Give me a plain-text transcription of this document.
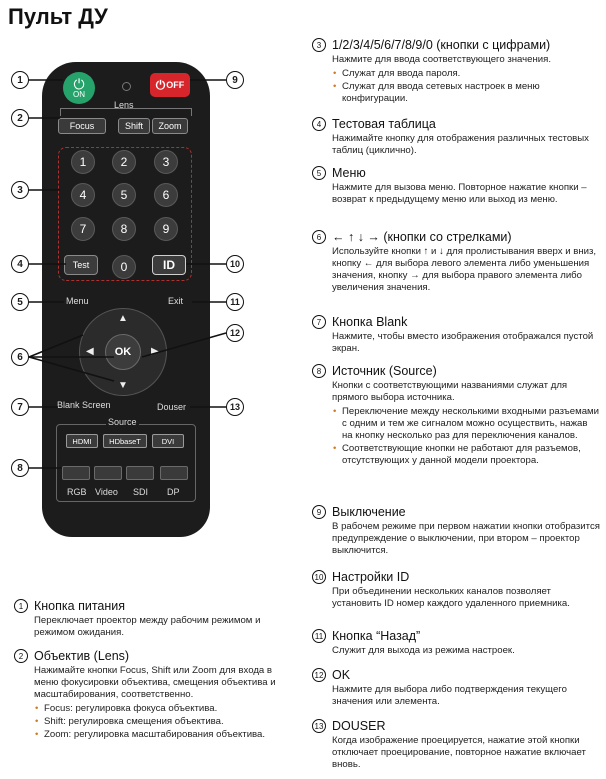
Пульт ДУ
⏻
ON
⏻ OFF
Lens
Focus	Shift	Zoom
1	2	3
4	5	6
7	8	9
Test	0	ID
Menu	Exit
OK
▲
▼
◀	▶
Blank Screen	Douser
Source
HDMI	HDbaseT	DVI
RGB Video SDI DP
1
2
3
4
5
6
7
8
9
10
11
12
13
1 Кнопка питания
Переключает проектор между рабочим режимом и режимом ожидания.
2 Объектив (Lens)
Нажимайте кнопки Focus, Shift или Zoom для входа в меню фокусировки объектива, смещения объектива и масштабирования, соответственно.
• Focus: регулировка фокуса объектива.
• Shift: регулировка смещения объектива.
• Zoom: регулировка масштабирования объектива.
3 1/2/3/4/5/6/7/8/9/0 (кнопки с цифрами)
Нажмите для ввода соответствующего значения.
• Служат для ввода пароля.
• Служат для ввода сетевых настроек в меню конфигурации.
4 Тестовая таблица
Нажимайте кнопку для отображения различных тестовых таблиц (циклично).
5 Меню
Нажмите для вызова меню. Повторное нажатие кнопки – возврат к предыдущему меню или выход из меню.
6 ← ↑ ↓ → (кнопки со стрелками)
Используйте кнопки ↑ и ↓ для пролистывания вверх и вниз, кнопку ← для выбора левого элемента либо уменьшения значения, кнопку → для выбора правого элемента либо увеличения значения.
7 Кнопка Blank
Нажмите, чтобы вместо изображения отображался пустой экран.
8 Источник (Source)
Кнопки с соответствующими названиями служат для прямого выбора источника.
• Переключение между несколькими входными разъемами с одним и тем же сигналом можно осуществить, нажав на кнопку несколько раз для переключения каналов.
• Соответствующие кнопки не работают для разъемов, отсутствующих у данной модели проектора.
9 Выключение
В рабочем режиме при первом нажатии кнопки отобразится предупреждение о выключении, при втором – проектор выключится.
10 Настройки ID
При объединении нескольких каналов позволяет установить ID номер каждого удаленного приемника.
11 Кнопка “Назад”
Служит для выхода из режима настроек.
12 OK
Нажмите для выбора либо подтверждения текущего значения или элемента.
13 DOUSER
Когда изображение проецируется, нажатие этой кнопки отключает проецирование, повторное нажатие включает вновь.
